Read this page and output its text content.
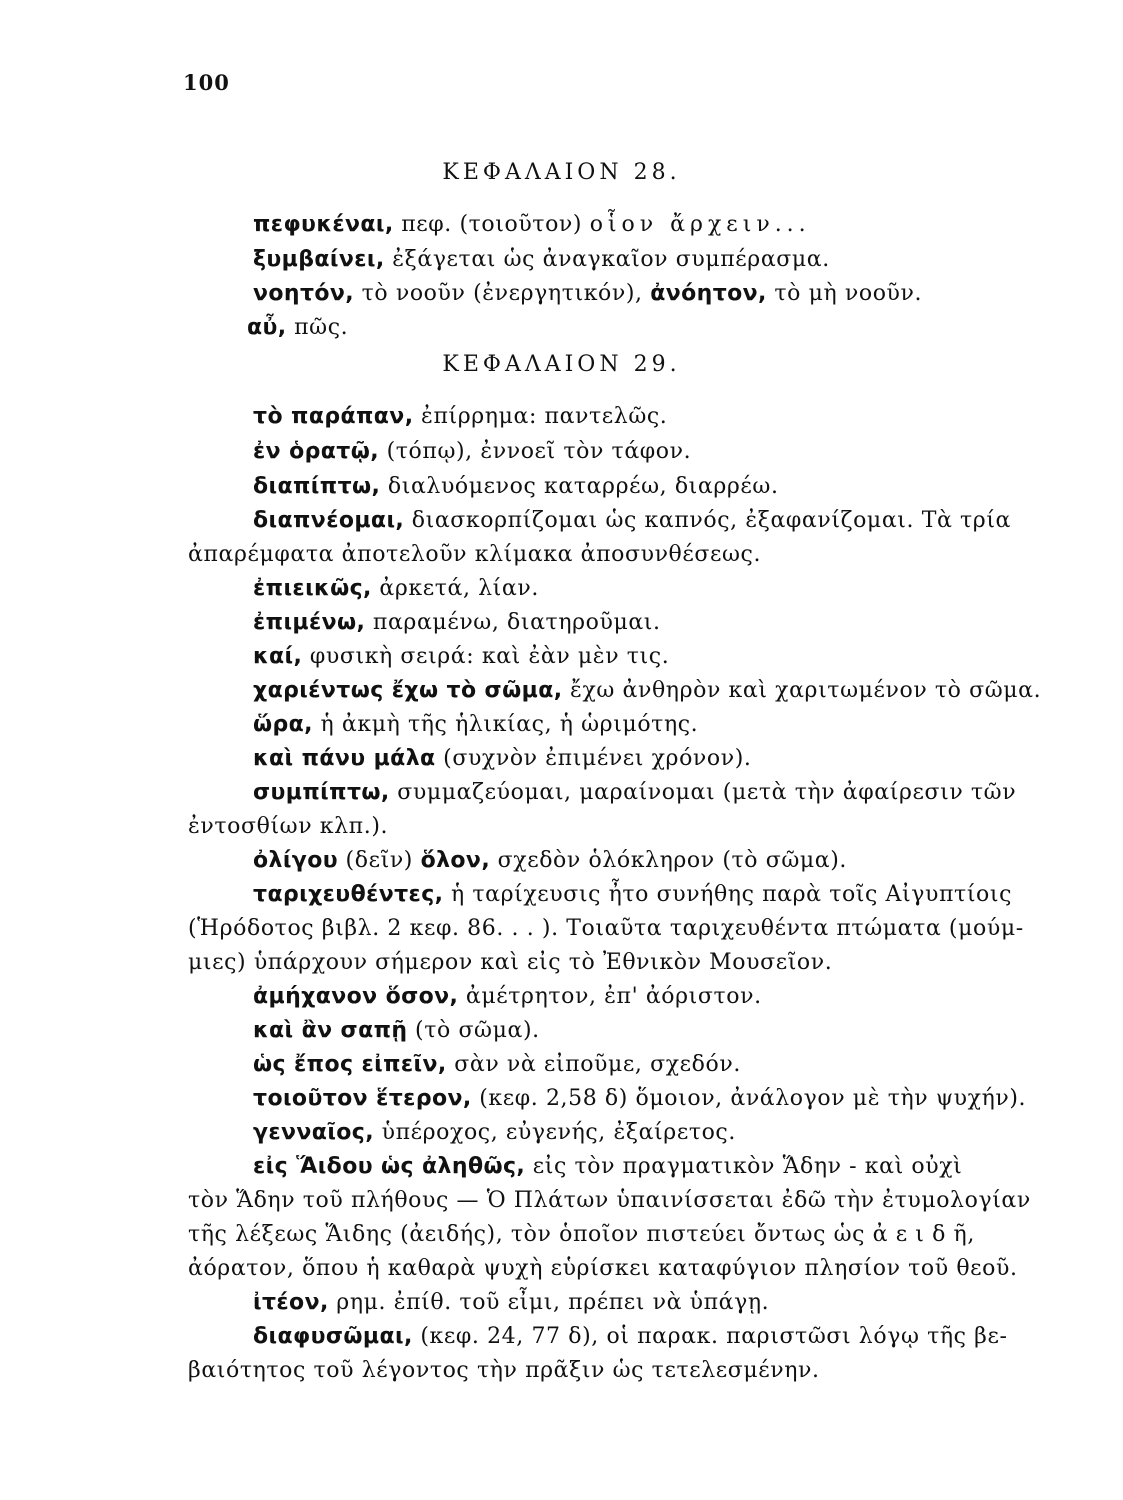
100
ΚΕΦΑΛΑΙΟΝ 28.
πεφυκέναι, πεφ. (τοιοῦτον) οἷον ἄρχειν...
ξυμβαίνει, ἐξάγεται ὡς ἀναγκαῖον συμπέρασμα.
νοητόν, τὸ νοοῦν (ἐνεργητικόν), ἀνόητον, τὸ μὴ νοοῦν.
αὖ, πῶς.
ΚΕΦΑΛΑΙΟΝ 29.
τὸ παράπαν, ἐπίρρημα: παντελῶς.
ἐν ὁρατῷ, (τόπῳ), ἐννοεῖ τὸν τάφον.
διαπίπτω, διαλυόμενος καταρρέω, διαρρέω.
διαπνέομαι, διασκορπίζομαι ὡς καπνός, ἐξαφανίζομαι. Τὰ τρία
ἀπαρέμφατα ἀποτελοῦν κλίμακα ἀποσυνθέσεως.
ἐπιεικῶς, ἀρκετά, λίαν.
ἐπιμένω, παραμένω, διατηροῦμαι.
καί, φυσικὴ σειρά: καὶ ἐὰν μὲν τις.
χαριέντως ἔχω τὸ σῶμα, ἔχω ἀνθηρὸν καὶ χαριτωμένον τὸ σῶμα.
ὥρα, ἡ ἀκμὴ τῆς ἡλικίας, ἡ ὡριμότης.
καὶ πάνυ μάλα (συχνὸν ἐπιμένει χρόνον).
συμπίπτω, συμμαζεύομαι, μαραίνομαι (μετὰ τὴν ἀφαίρεσιν τῶν
ἐντοσθίων κλπ.).
ὀλίγου (δεῖν) ὅλον, σχεδὸν ὁλόκληρον (τὸ σῶμα).
ταριχευθέντες, ἡ ταρίχευσις ἦτο συνήθης παρὰ τοῖς Αἰγυπτίοις
(Ἡρόδοτος βιβλ. 2 κεφ. 86. . . ). Τοιαῦτα ταριχευθέντα πτώματα (μούμ-
μιες) ὑπάρχουν σήμερον καὶ εἰς τὸ Ἐθνικὸν Μουσεῖον.
ἀμήχανον ὅσον, ἀμέτρητον, ἐπ' ἀόριστον.
καὶ ἂν σαπῇ (τὸ σῶμα).
ὡς ἔπος εἰπεῖν, σὰν νὰ εἰποῦμε, σχεδόν.
τοιοῦτον ἕτερον, (κεφ. 2,58 δ) ὅμοιον, ἀνάλογον μὲ τὴν ψυχήν).
γενναῖος, ὑπέροχος, εὐγενής, ἐξαίρετος.
εἰς Ἅιδου ὡς ἀληθῶς, εἰς τὸν πραγματικὸν Ἅδην - καὶ οὐχὶ
τὸν Ἅδην τοῦ πλήθους — Ὁ Πλάτων ὑπαινίσσεται ἐδῶ τὴν ἐτυμολογίαν
τῆς λέξεως Ἅιδης (ἀειδής), τὸν ὁποῖον πιστεύει ὄντως ὡς ἀ ε ι δ ῆ,
ἀόρατον, ὅπου ἡ καθαρὰ ψυχὴ εὑρίσκει καταφύγιον πλησίον τοῦ θεοῦ.
ἰτέον, ρημ. ἐπίθ. τοῦ εἶμι, πρέπει νὰ ὑπάγῃ.
διαφυσῶμαι, (κεφ. 24, 77 δ), οἱ παρακ. παριστῶσι λόγῳ τῆς βε-
βαιότητος τοῦ λέγοντος τὴν πρᾶξιν ὡς τετελεσμένην.
